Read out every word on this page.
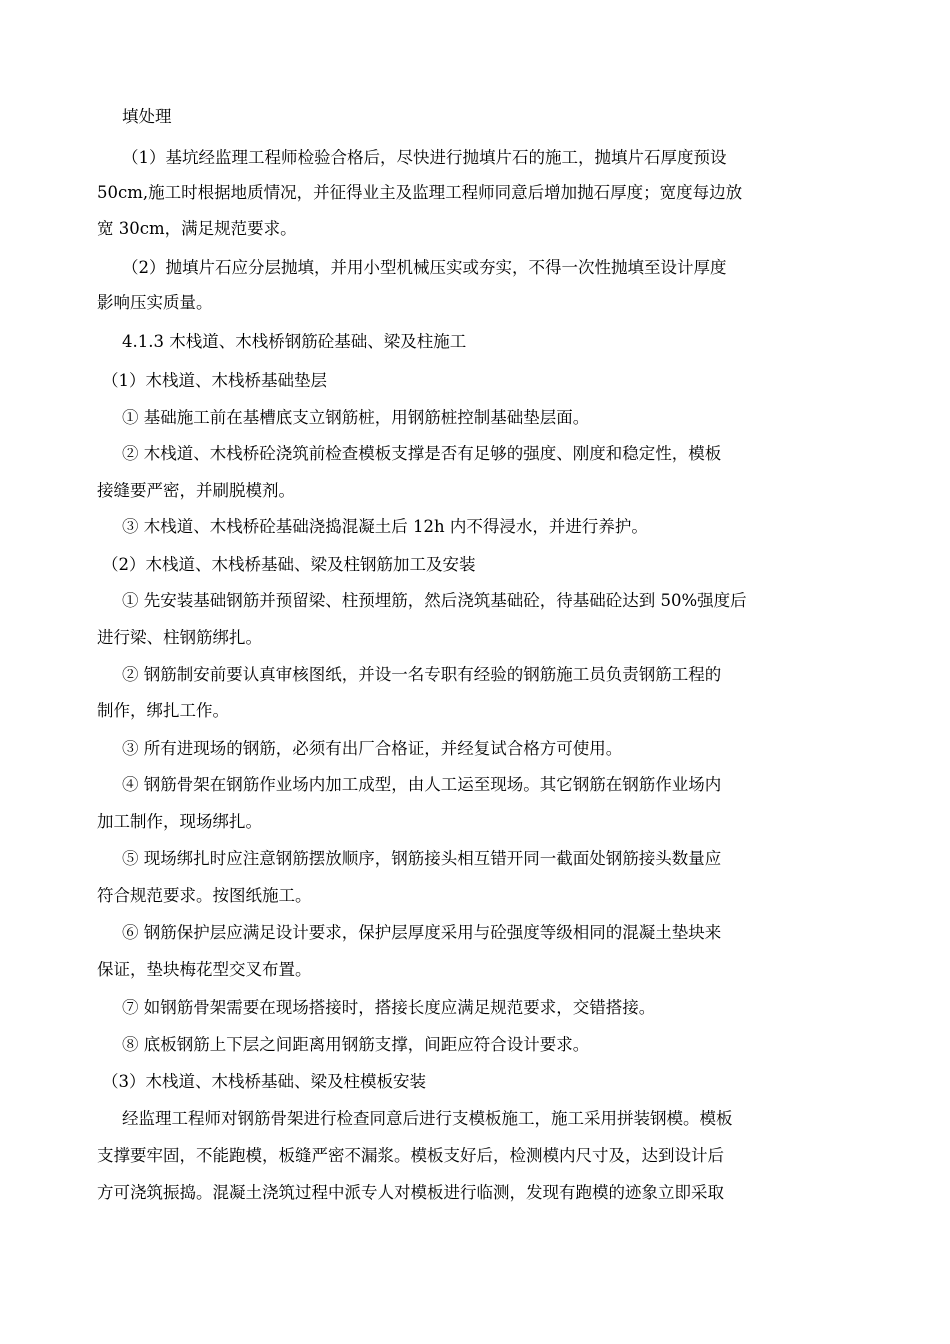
填处理
（1）基坑经监理工程师检验合格后，尽快进行抛填片石的施工，抛填片石厚度预设
50cm,施工时根据地质情况，并征得业主及监理工程师同意后增加抛石厚度；宽度每边放
宽 30cm，满足规范要求。
（2）抛填片石应分层抛填，并用小型机械压实或夯实，不得一次性抛填至设计厚度
影响压实质量。
4.1.3 木栈道、木栈桥钢筋砼基础、梁及柱施工
（1）木栈道、木栈桥基础垫层
① 基础施工前在基槽底支立钢筋桩，用钢筋桩控制基础垫层面。
② 木栈道、木栈桥砼浇筑前检查模板支撑是否有足够的强度、刚度和稳定性，模板
接缝要严密，并刷脱模剂。
③ 木栈道、木栈桥砼基础浇捣混凝土后 12h 内不得浸水，并进行养护。
（2）木栈道、木栈桥基础、梁及柱钢筋加工及安装
① 先安装基础钢筋并预留梁、柱预埋筋，然后浇筑基础砼，待基础砼达到 50%强度后
进行梁、柱钢筋绑扎。
② 钢筋制安前要认真审核图纸，并设一名专职有经验的钢筋施工员负责钢筋工程的
制作，绑扎工作。
③ 所有进现场的钢筋，必须有出厂合格证，并经复试合格方可使用。
④ 钢筋骨架在钢筋作业场内加工成型，由人工运至现场。其它钢筋在钢筋作业场内
加工制作，现场绑扎。
⑤ 现场绑扎时应注意钢筋摆放顺序，钢筋接头相互错开同一截面处钢筋接头数量应
符合规范要求。按图纸施工。
⑥ 钢筋保护层应满足设计要求，保护层厚度采用与砼强度等级相同的混凝土垫块来
保证，垫块梅花型交叉布置。
⑦ 如钢筋骨架需要在现场搭接时，搭接长度应满足规范要求，交错搭接。
⑧ 底板钢筋上下层之间距离用钢筋支撑，间距应符合设计要求。
（3）木栈道、木栈桥基础、梁及柱模板安装
经监理工程师对钢筋骨架进行检查同意后进行支模板施工，施工采用拼装钢模。模板
支撑要牢固，不能跑模，板缝严密不漏浆。模板支好后，检测模内尺寸及，达到设计后
方可浇筑振捣。混凝土浇筑过程中派专人对模板进行临测，发现有跑模的迹象立即采取
